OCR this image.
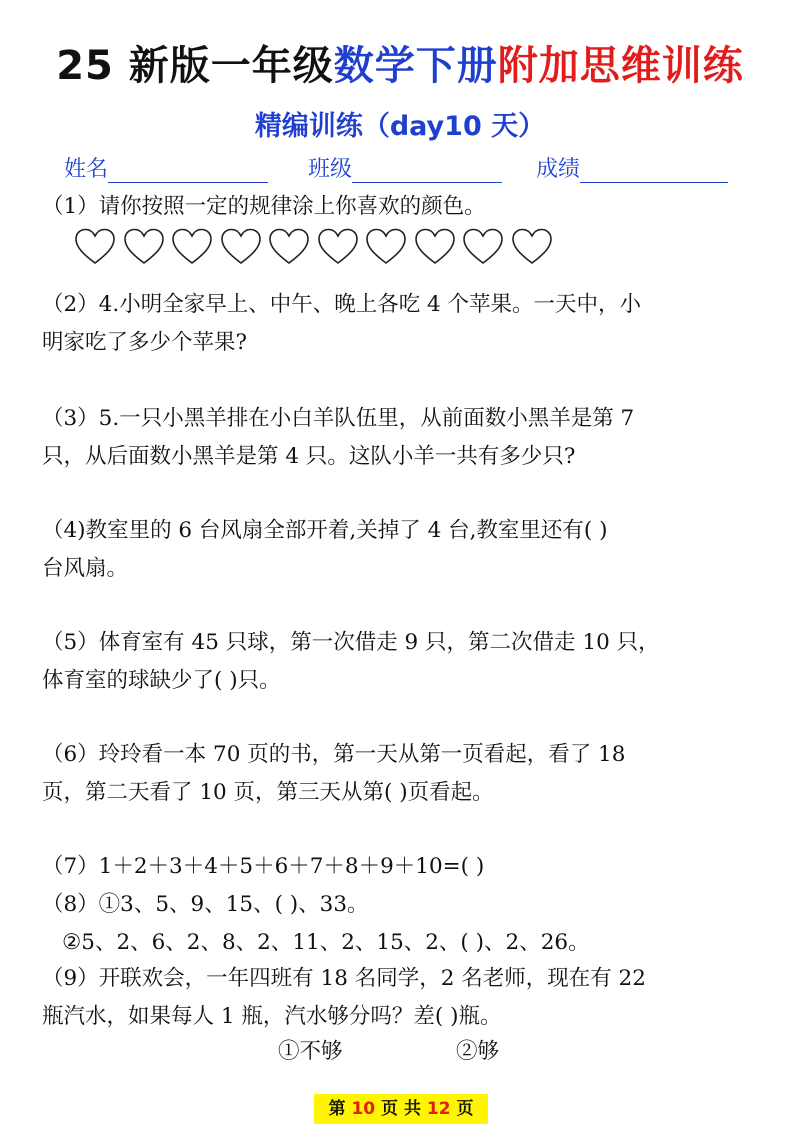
25 新版一年级数学下册附加思维训练
精编训练（day10 天）
姓名	班级	成绩
（1）请你按照一定的规律涂上你喜欢的颜色。
（2）4.小明全家早上、中午、晚上各吃 4 个苹果。一天中，小
明家吃了多少个苹果?
（3）5.一只小黑羊排在小白羊队伍里，从前面数小黑羊是第 7
只，从后面数小黑羊是第 4 只。这队小羊一共有多少只?
（4)教室里的 6 台风扇全部开着,关掉了 4 台,教室里还有( )
台风扇。
（5）体育室有 45 只球，第一次借走 9 只，第二次借走 10 只，
体育室的球缺少了( )只。
（6）玲玲看一本 70 页的书，第一天从第一页看起，看了 18
页，第二天看了 10 页，第三天从第( )页看起。
（7）1＋2＋3＋4＋5＋6＋7＋8＋9＋10=( )
（8）①3、5、9、15、( )、33。
②5、2、6、2、8、2、11、2、15、2、( )、2、26。
（9）开联欢会，一年四班有 18 名同学，2 名老师，现在有 22
瓶汽水，如果每人 1 瓶，汽水够分吗？差( )瓶。
①不够	②够
第 10 页 共 12 页
